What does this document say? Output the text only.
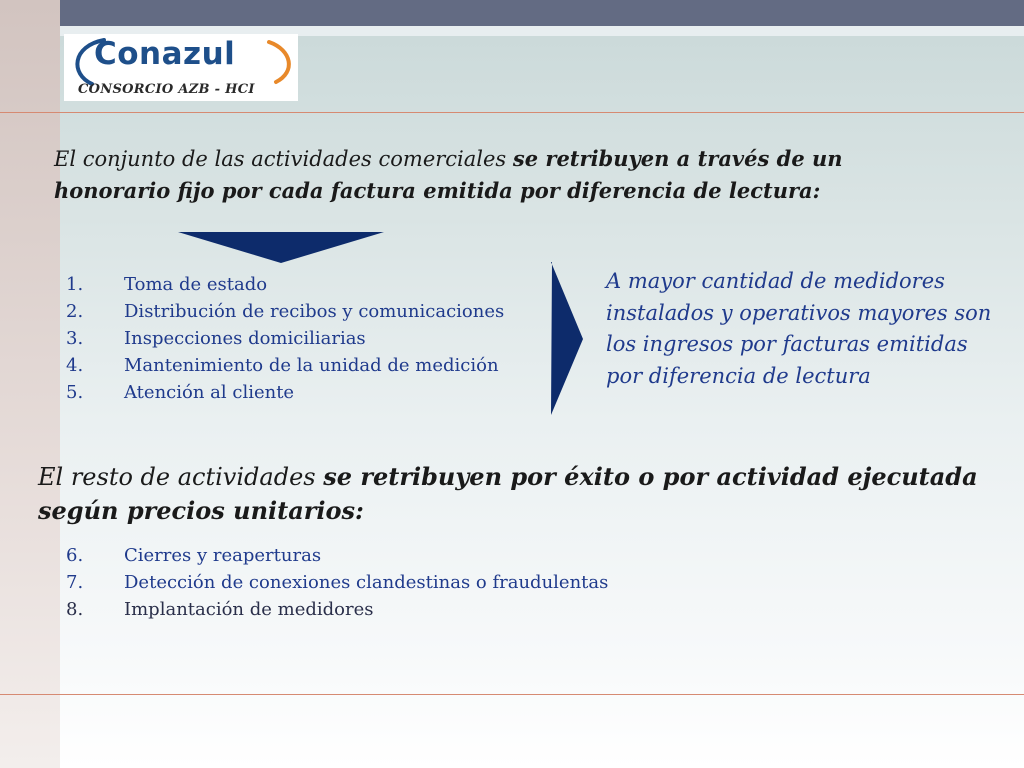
Conazul
CONSORCIO AZB - HCI
El conjunto de las actividades comerciales se retribuyen a través de un honorario fijo por cada factura emitida por diferencia de lectura:
1. Toma de estado
2. Distribución de recibos y comunicaciones
3. Inspecciones domiciliarias
4. Mantenimiento de la unidad de medición
5. Atención al cliente
A mayor cantidad de medidores instalados y operativos mayores son los ingresos por facturas emitidas por diferencia de lectura
El resto de actividades se retribuyen por éxito o por actividad ejecutada según precios unitarios:
6. Cierres y reaperturas
7. Detección de conexiones clandestinas o fraudulentas
8. Implantación de medidores
